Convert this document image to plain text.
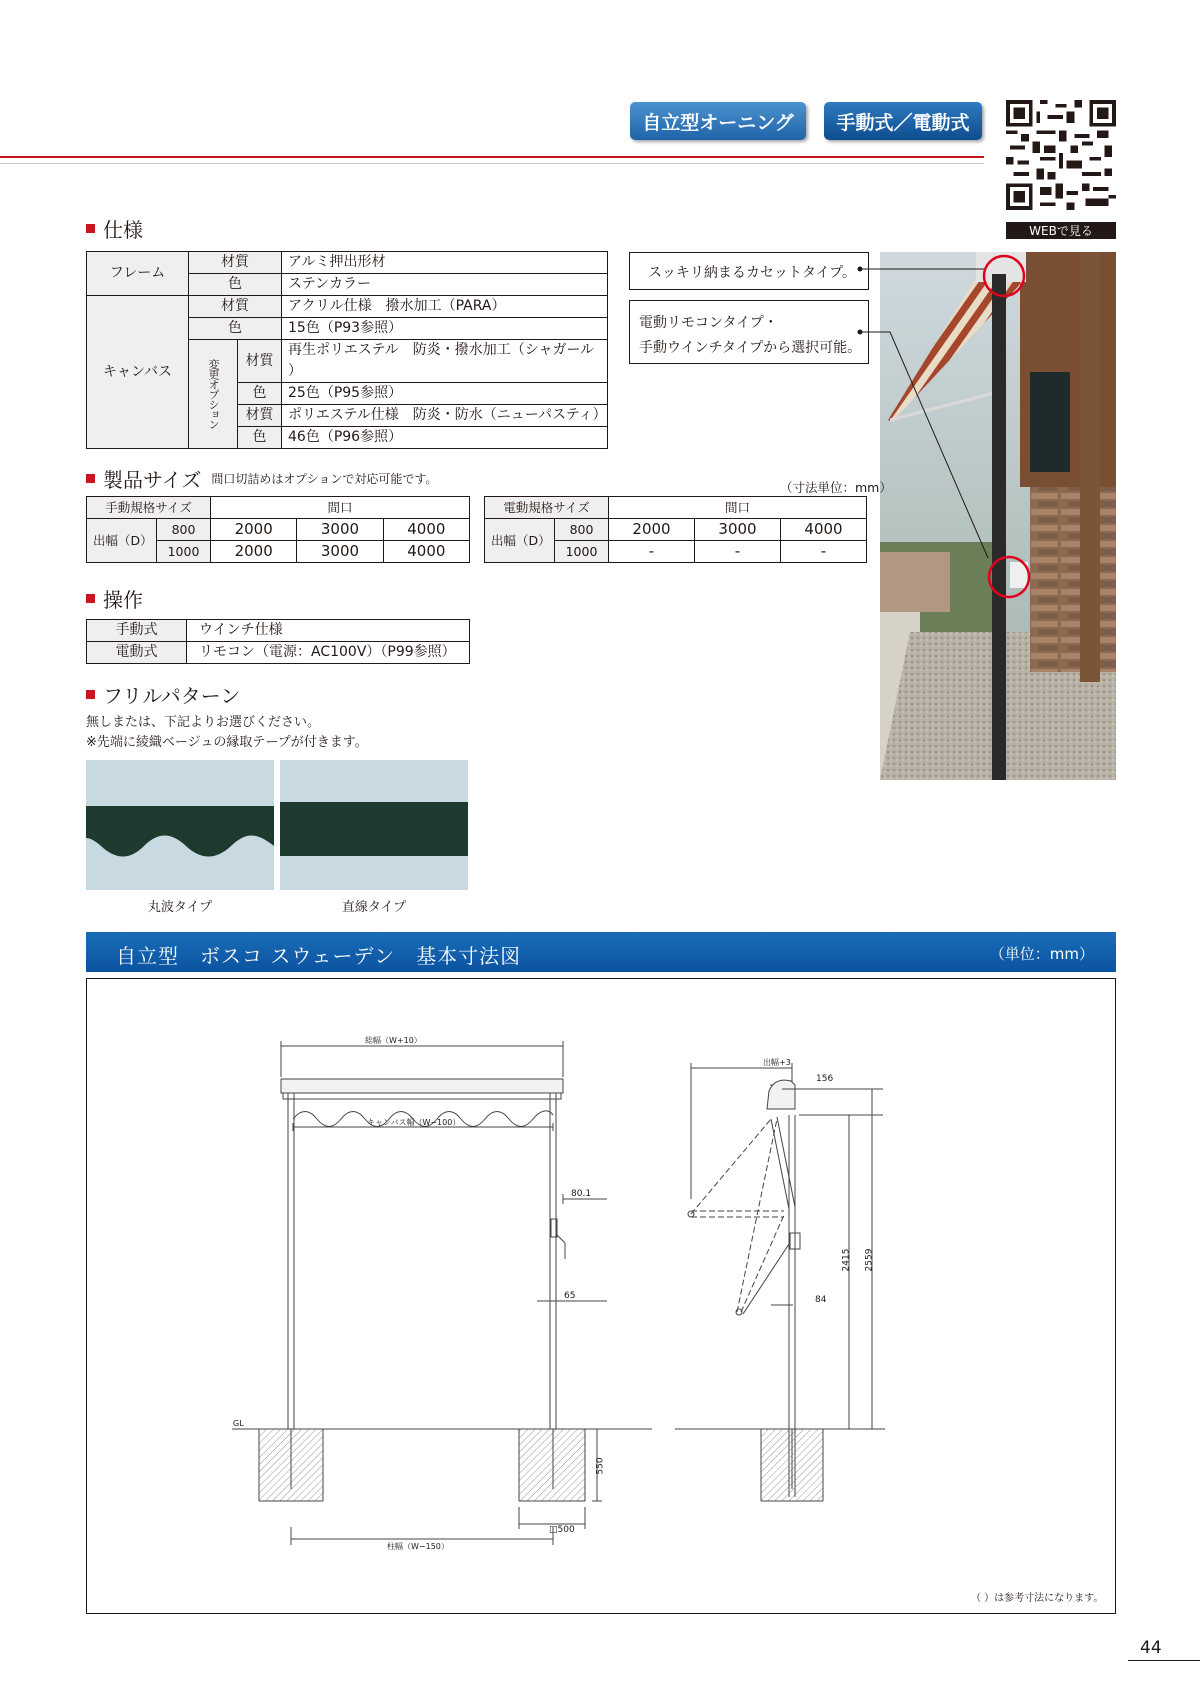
自立型オーニング 手動式／電動式
WEBで見る
仕様
フレーム	材質		アルミ押出形材
	色		ステンカラー
キャンバス	材質		アクリル仕様　撥水加工（PARA）
	色		15色（P93参照）
	変更オプション	材質	再生ポリエステル　防炎・撥水加工（シャガール ）
		色	25色（P95参照）
		材質	ポリエステル仕様　防炎・防水（ニューパスティ）
		色	46色（P96参照）
スッキリ納まるカセットタイプ。
電動リモコンタイプ・
手動ウインチタイプから選択可能。
製品サイズ 間口切詰めはオプションで対応可能です。
（寸法単位：mm）
手動規格サイズ		間口		
出幅（D）	800	2000	3000	4000
	1000	2000	3000	4000
電動規格サイズ		間口		
出幅（D）	800	2000	3000	4000
	1000	-	-	-
操作
手動式	ウインチ仕様
電動式	リモコン（電源：AC100V）（P99参照）
フリルパターン
無しまたは、下記よりお選びください。
※先端に綾織ベージュの縁取テープが付きます。
丸波タイプ	直線タイプ
自立型　ボスコ スウェーデン　基本寸法図	（単位：mm）
総幅（W+10）
キャンバス幅（W−100）
80.1
65
GL
550
□500
柱幅（W−150）
出幅+3
156
84
2415 2559
（ ）は参考寸法になります。
44
